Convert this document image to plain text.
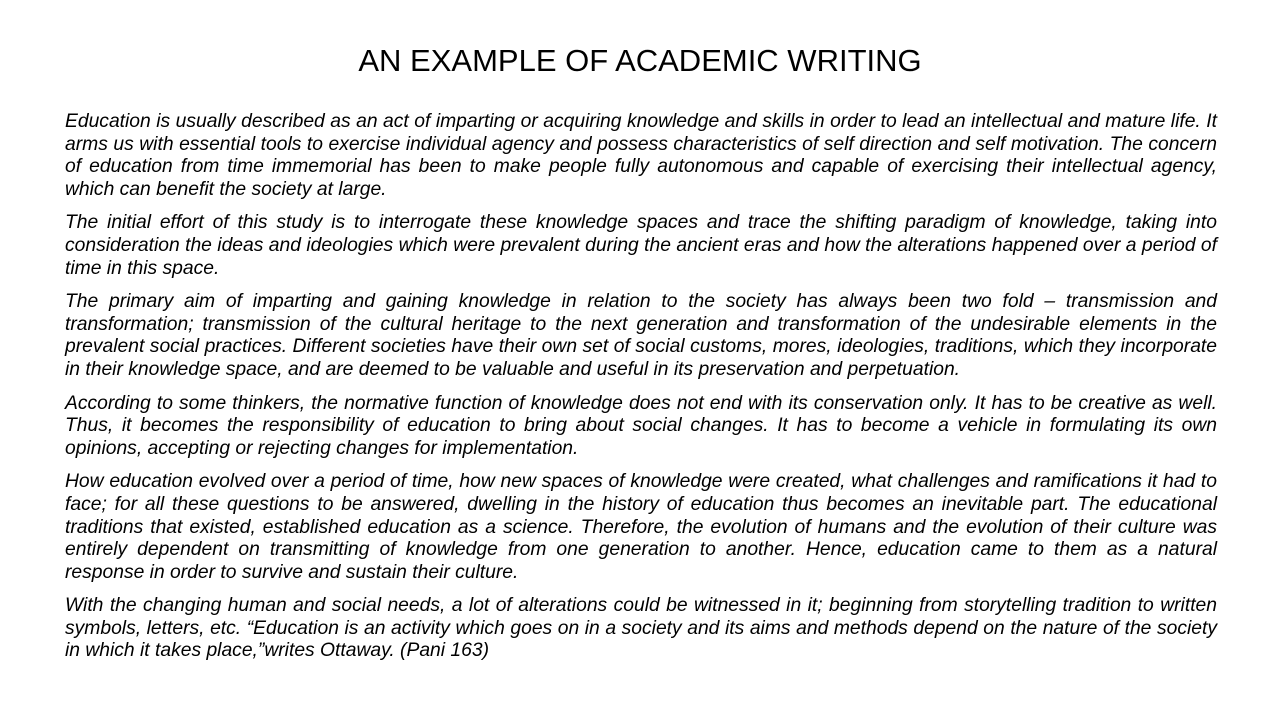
AN EXAMPLE OF ACADEMIC WRITING

Education is usually described as an act of imparting or acquiring knowledge and skills in order to lead an intellectual and mature life. It arms us with essential tools to exercise individual agency and possess characteristics of self direction and self motivation. The concern of education from time immemorial has been to make people fully autonomous and capable of exercising their intellectual agency, which can benefit the society at large.

The initial effort of this study is to interrogate these knowledge spaces and trace the shifting paradigm of knowledge, taking into consideration the ideas and ideologies which were prevalent during the ancient eras and how the alterations happened over a period of time in this space.

The primary aim of imparting and gaining knowledge in relation to the society has always been two fold – transmission and transformation; transmission of the cultural heritage to the next generation and transformation of the undesirable elements in the prevalent social practices. Different societies have their own set of social customs, mores, ideologies, traditions, which they incorporate in their knowledge space, and are deemed to be valuable and useful in its preservation and perpetuation.

According to some thinkers, the normative function of knowledge does not end with its conservation only. It has to be creative as well. Thus, it becomes the responsibility of education to bring about social changes. It has to become a vehicle in formulating its own opinions, accepting or rejecting changes for implementation.

How education evolved over a period of time, how new spaces of knowledge were created, what challenges and ramifications it had to face; for all these questions to be answered, dwelling in the history of education thus becomes an inevitable part. The educational traditions that existed, established education as a science. Therefore, the evolution of humans and the evolution of their culture was entirely dependent on transmitting of knowledge from one generation to another. Hence, education came to them as a natural response in order to survive and sustain their culture.

With the changing human and social needs, a lot of alterations could be witnessed in it; beginning from storytelling tradition to written symbols, letters, etc. “Education is an activity which goes on in a society and its aims and methods depend on the nature of the society in which it takes place,”writes Ottaway. (Pani 163)
